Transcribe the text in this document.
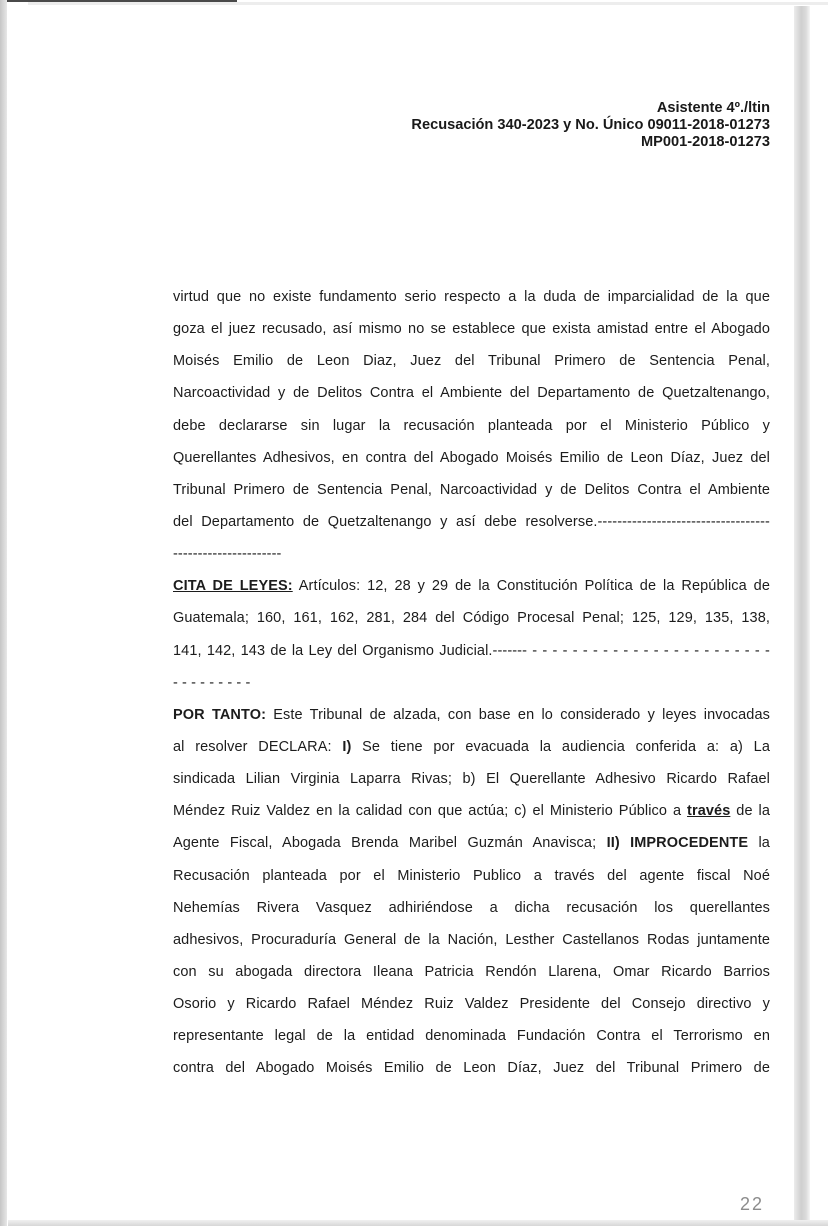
Asistente 4º./ltin
Recusación 340-2023 y No. Único 09011-2018-01273
MP001-2018-01273
virtud que no existe fundamento serio respecto a la duda de imparcialidad de la que
goza el juez recusado, así mismo no se establece que exista amistad entre el Abogado
Moisés Emilio de Leon Diaz, Juez del Tribunal Primero de Sentencia Penal,
Narcoactividad y de Delitos Contra el Ambiente del Departamento de Quetzaltenango,
debe declararse sin lugar la recusación planteada por el Ministerio Público y
Querellantes Adhesivos, en contra del Abogado Moisés Emilio de Leon Díaz, Juez del
Tribunal Primero de Sentencia Penal, Narcoactividad y de Delitos Contra el Ambiente
del Departamento de Quetzaltenango y así debe resolverse.-----------------------------------
----------------------
CITA DE LEYES: Artículos: 12, 28 y 29 de la Constitución Política de la República de
Guatemala; 160, 161, 162, 281, 284 del Código Procesal Penal; 125, 129, 135, 138,
141, 142, 143 de la Ley del Organismo Judicial.------- - - - - - - - - - - - - - - - - - - - - - - - -
- - - - - - - - -
POR TANTO: Este Tribunal de alzada, con base en lo considerado y leyes invocadas
al resolver DECLARA: I) Se tiene por evacuada la audiencia conferida a: a) La
sindicada Lilian Virginia Laparra Rivas; b) El Querellante Adhesivo Ricardo Rafael
Méndez Ruiz Valdez en la calidad con que actúa; c) el Ministerio Público a través de la
Agente Fiscal, Abogada Brenda Maribel Guzmán Anavisca; II) IMPROCEDENTE la
Recusación planteada por el Ministerio Publico a través del agente fiscal Noé
Nehemías Rivera Vasquez adhiriéndose a dicha recusación los querellantes
adhesivos, Procuraduría General de la Nación, Lesther Castellanos Rodas juntamente
con su abogada directora Ileana Patricia Rendón Llarena, Omar Ricardo Barrios
Osorio y Ricardo Rafael Méndez Ruiz Valdez Presidente del Consejo directivo y
representante legal de la entidad denominada Fundación Contra el Terrorismo en
contra del Abogado Moisés Emilio de Leon Díaz, Juez del Tribunal Primero de
22
